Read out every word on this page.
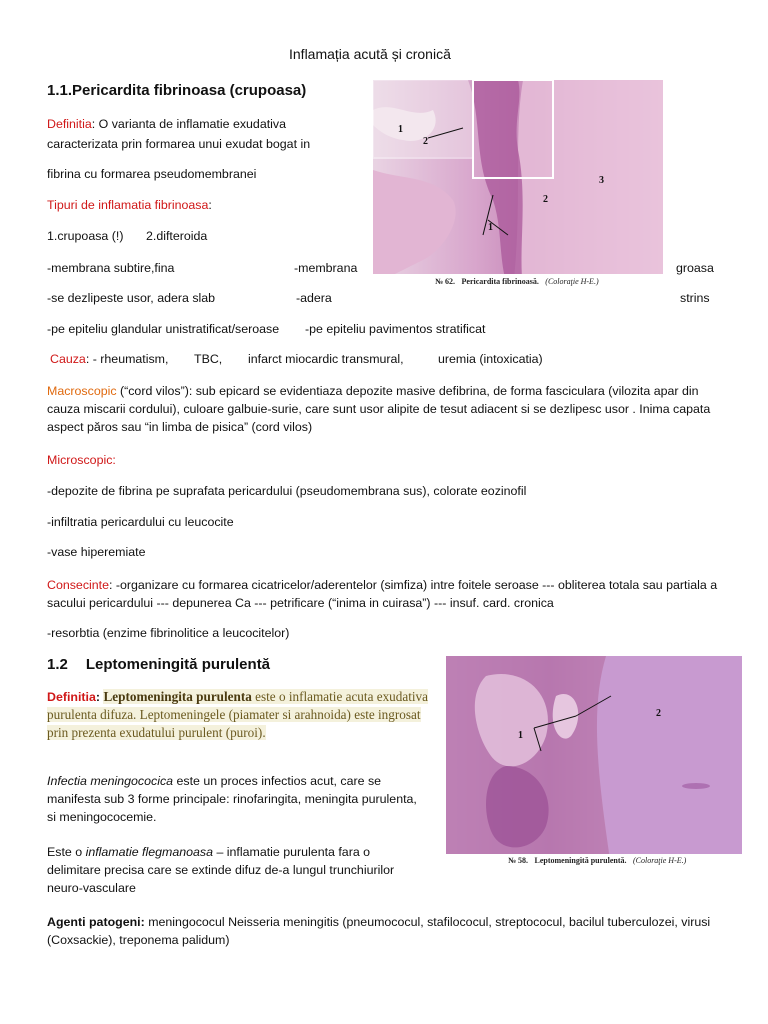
Inflamația acută și cronică
1.1.Pericardita fibrinoasa (crupoasa)
Definitia: O varianta de inflamatie exudativa
caracterizata prin formarea unui exudat bogat in
fibrina cu formarea pseudomembranei
Tipuri de inflamatia fibrinoasa:
1.crupoasa (!) 2.difteroida
-membrana subtire,fina	-membrana	groasa
-se dezlipeste usor, adera slab	-adera	strins
-pe epiteliu glandular unistratificat/seroase -pe epiteliu pavimentos stratificat
Cauza: - rheumatism, TBC, infarct miocardic transmural,	uremia (intoxicatia)
Macroscopic (“cord vilos”): sub epicard se evidentiaza depozite masive defibrina, de forma fasciculara (vilozita apar din cauza miscarii cordului), culoare galbuie-surie, care sunt usor alipite de tesut adiacent si se dezlipesc usor . Inima capata aspect păros sau “in limba de pisica” (cord vilos)
Microscopic:
-depozite de fibrina pe suprafata pericardului (pseudomembrana sus), colorate eozinofil
-infiltratia pericardului cu leucocite
-vase hiperemiate
Consecinte: -organizare cu formarea cicatricelor/aderentelor (simfiza) intre foitele seroase --- obliterea totala sau partiala a sacului pericardului --- depunerea Ca --- petrificare (“inima in cuirasa”) --- insuf. card. cronica
-resorbtia (enzime fibrinolitice a leucocitelor)
1
3
2
2
1
№ 62. Pericardita fibrinoasă. (Coloraţie H-E.)
1.2 Leptomeningită purulentă
Definitia: Leptomeningita purulenta este o inflamatie acuta exudativa purulenta difuza. Leptomeningele (piamater si arahnoida) este ingrosat prin prezenta exudatului purulent (puroi).
Infectia meningococica este un proces infectios acut, care se manifesta sub 3 forme principale: rinofaringita, meningita purulenta, si meningococemie.
Este o inflamatie flegmanoasa – inflamatie purulenta fara o delimitare precisa care se extinde difuz de-a lungul trunchiurilor neuro-vasculare
Agenti patogeni: meningococul Neisseria meningitis (pneumococul, stafilococul, streptococul, bacilul tuberculozei, virusi (Coxsackie), treponema palidum)
1
2
№ 58. Leptomeningită purulentă. (Coloraţie H-E.)
